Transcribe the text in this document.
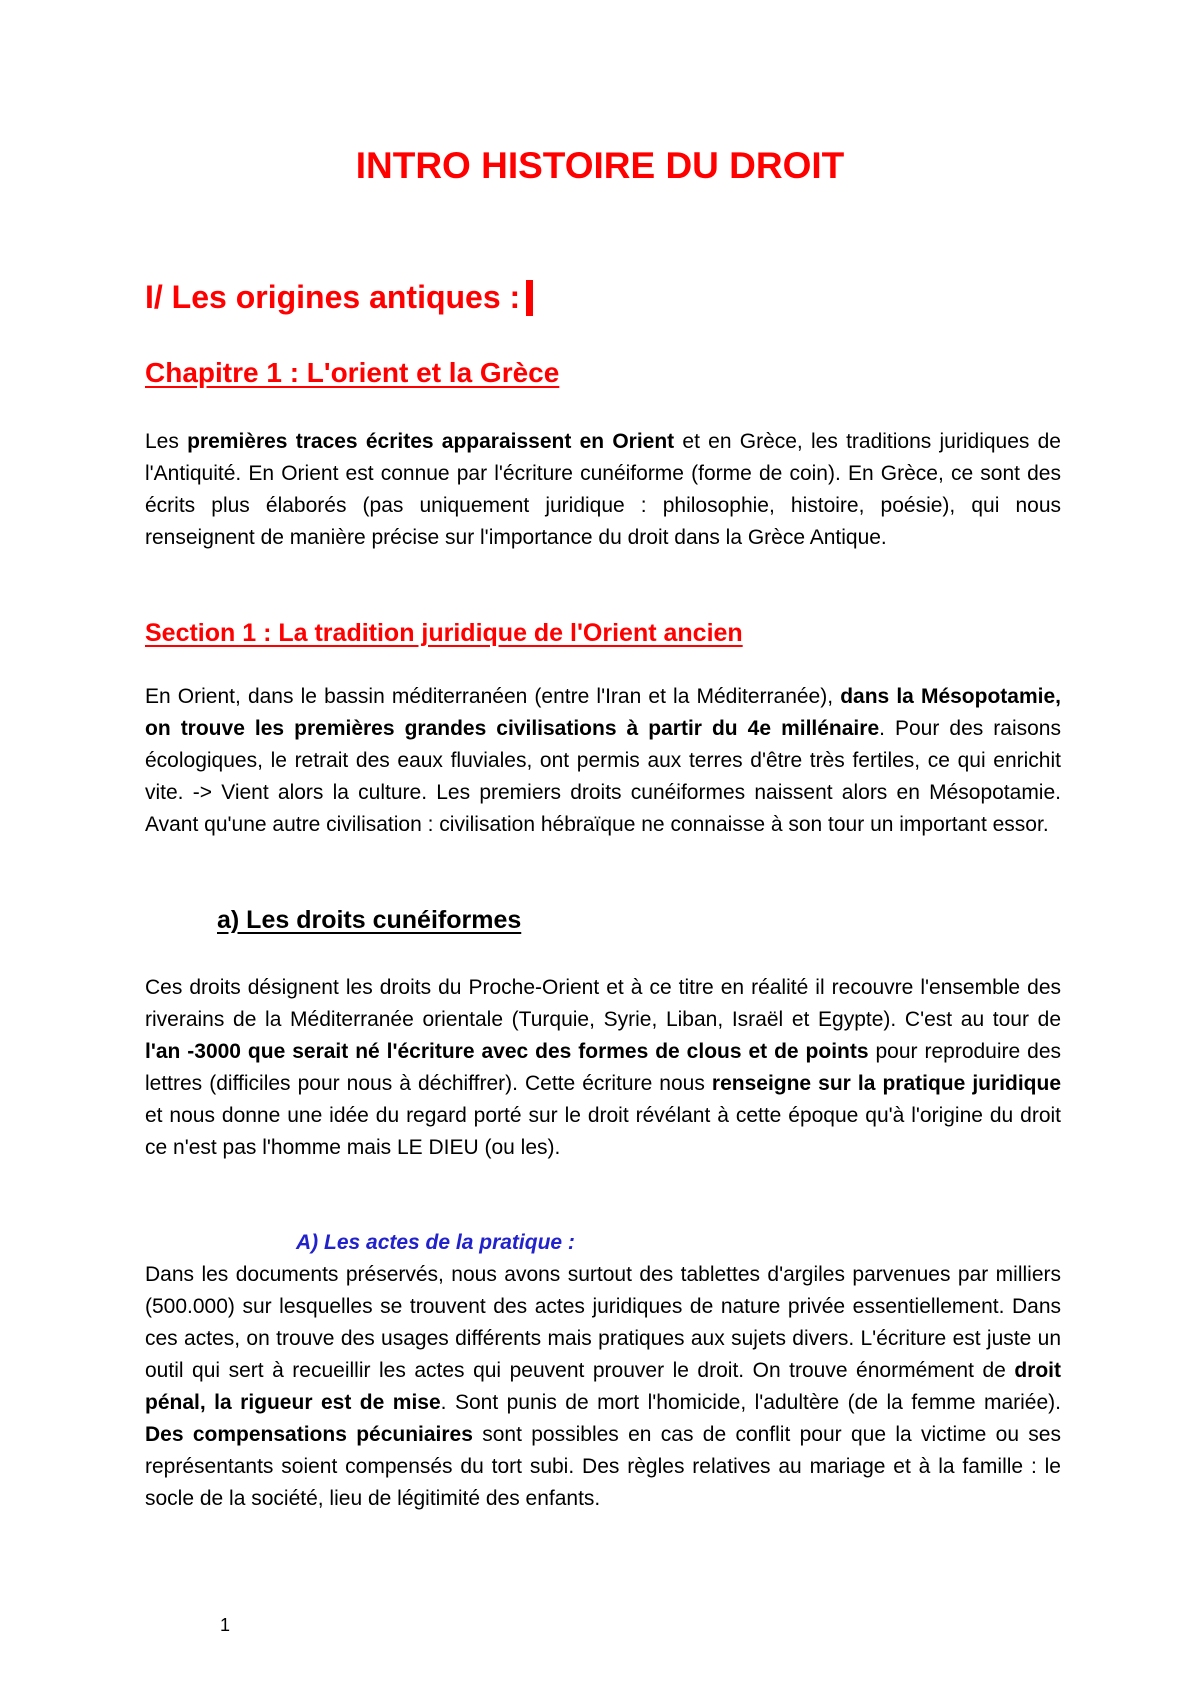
INTRO HISTOIRE DU DROIT
I/ Les origines antiques :
Chapitre 1 : L'orient et la Grèce

Les premières traces écrites apparaissent en Orient et en Grèce, les traditions juridiques de l'Antiquité. En Orient est connue par l'écriture cunéiforme (forme de coin). En Grèce, ce sont des écrits plus élaborés (pas uniquement juridique : philosophie, histoire, poésie), qui nous renseignent de manière précise sur l'importance du droit dans la Grèce Antique.

Section 1 : La tradition juridique de l'Orient ancien

En Orient, dans le bassin méditerranéen (entre l'Iran et la Méditerranée), dans la Mésopotamie, on trouve les premières grandes civilisations à partir du 4e millénaire. Pour des raisons écologiques, le retrait des eaux fluviales, ont permis aux terres d'être très fertiles, ce qui enrichit vite. -> Vient alors la culture. Les premiers droits cunéiformes naissent alors en Mésopotamie. Avant qu'une autre civilisation : civilisation hébraïque ne connaisse à son tour un important essor.

a) Les droits cunéiformes

Ces droits désignent les droits du Proche-Orient et à ce titre en réalité il recouvre l'ensemble des riverains de la Méditerranée orientale (Turquie, Syrie, Liban, Israël et Egypte). C'est au tour de l'an -3000 que serait né l'écriture avec des formes de clous et de points pour reproduire des lettres (difficiles pour nous à déchiffrer). Cette écriture nous renseigne sur la pratique juridique et nous donne une idée du regard porté sur le droit révélant à cette époque qu'à l'origine du droit ce n'est pas l'homme mais LE DIEU (ou les).

A) Les actes de la pratique :

Dans les documents préservés, nous avons surtout des tablettes d'argiles parvenues par milliers (500.000) sur lesquelles se trouvent des actes juridiques de nature privée essentiellement. Dans ces actes, on trouve des usages différents mais pratiques aux sujets divers. L'écriture est juste un outil qui sert à recueillir les actes qui peuvent prouver le droit. On trouve énormément de droit pénal, la rigueur est de mise. Sont punis de mort l'homicide, l'adultère (de la femme mariée). Des compensations pécuniaires sont possibles en cas de conflit pour que la victime ou ses représentants soient compensés du tort subi. Des règles relatives au mariage et à la famille : le socle de la société, lieu de légitimité des enfants.

1
